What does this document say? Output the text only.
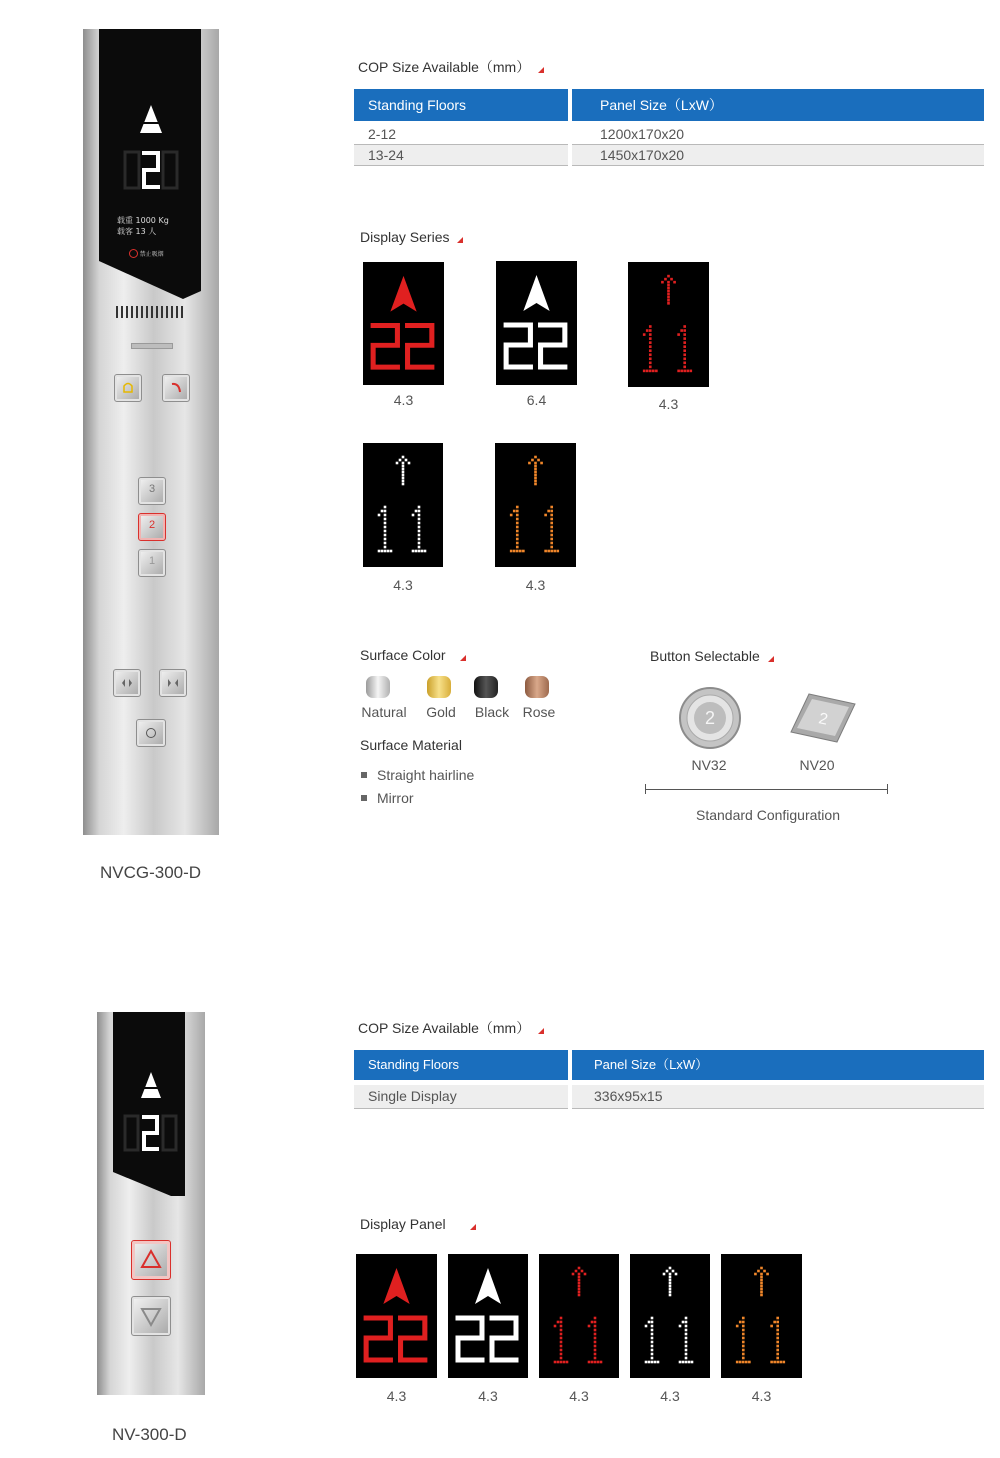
载重 1000 Kg
载客 13 人
禁止吸烟
3
2
1
NVCG-300-D
COP Size Available（mm）
Standing Floors	Panel Size（LxW）
2-12	1200x170x20
13-24	1450x170x20
Display Series
4.3	6.4	4.3
4.3	4.3
Surface Color
Natural	Gold	Black Rose
Surface Material
Straight hairline
Mirror
Button Selectable
2	2
NV32	NV20
Standard Configuration
NV-300-D
COP Size Available（mm）
Standing Floors	Panel Size（LxW）
Single Display	336x95x15
Display Panel
4.3	4.3	4.3	4.3	4.3
